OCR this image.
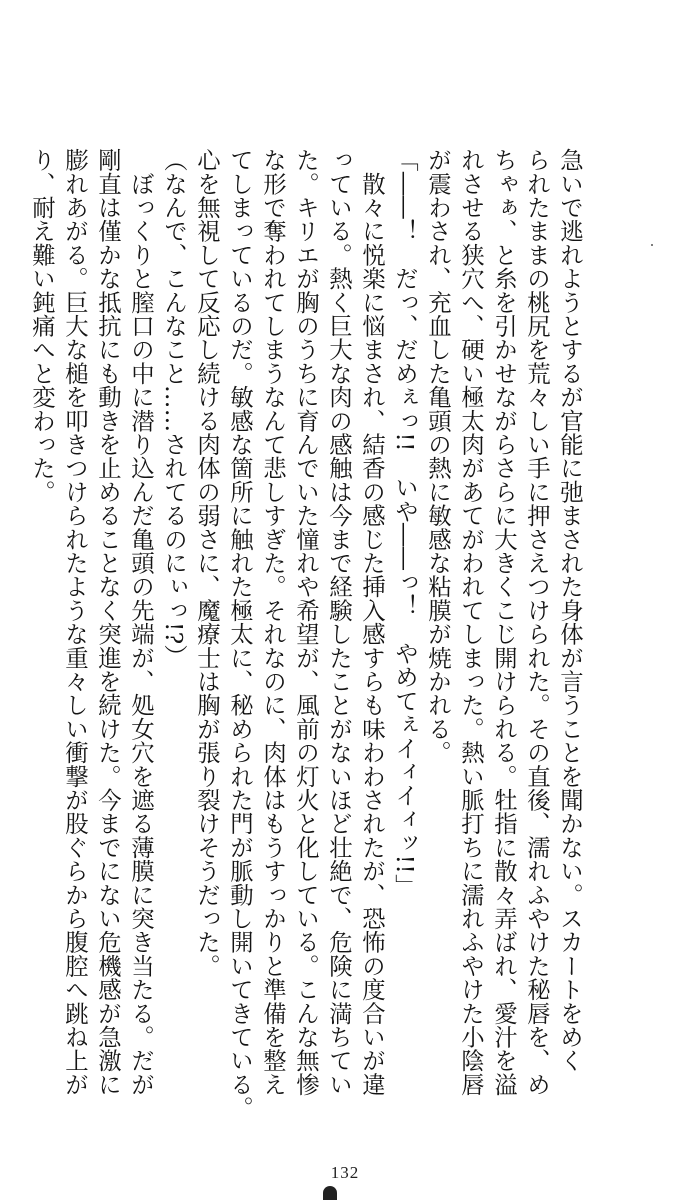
急いで逃れようとするが官能に弛まされた身体が言うことを聞かない。スカートをめく
られたままの桃尻を荒々しい手に押さえつけられた。その直後、濡れふやけた秘唇を、め
ちゃぁ、と糸を引かせながらさらに大きくこじ開けられる。牡指に散々弄ばれ、愛汁を溢
れさせる狭穴へ、硬い極太肉があてがわれてしまった。熱い脈打ちに濡れふやけた小陰唇
が震わされ、充血した亀頭の熱に敏感な粘膜が焼かれる。
「――！　だっ、だめぇっ!!　いや――っ！　やめてぇイィイィッ!!」
　散々に悦楽に悩まされ、結香の感じた挿入感すらも味わわされたが、恐怖の度合いが違
っている。熱く巨大な肉の感触は今まで経験したことがないほど壮絶で、危険に満ちてい
た。キリエが胸のうちに育んでいた憧れや希望が、風前の灯火と化している。こんな無惨
な形で奪われてしまうなんて悲しすぎた。それなのに、肉体はもうすっかりと準備を整え
てしまっているのだ。敏感な箇所に触れた極太に、秘められた門が脈動し開いてきている。
心を無視して反応し続ける肉体の弱さに、魔療士は胸が張り裂けそうだった。
（なんで、こんなこと……されてるのにぃっ!?）
　ぼっくりと膣口の中に潜り込んだ亀頭の先端が、処女穴を遮る薄膜に突き当たる。だが
剛直は僅かな抵抗にも動きを止めることなく突進を続けた。今までにない危機感が急激に
膨れあがる。巨大な槌を叩きつけられたような重々しい衝撃が股ぐらから腹腔へ跳ね上が
り、耐え難い鈍痛へと変わった。
132
